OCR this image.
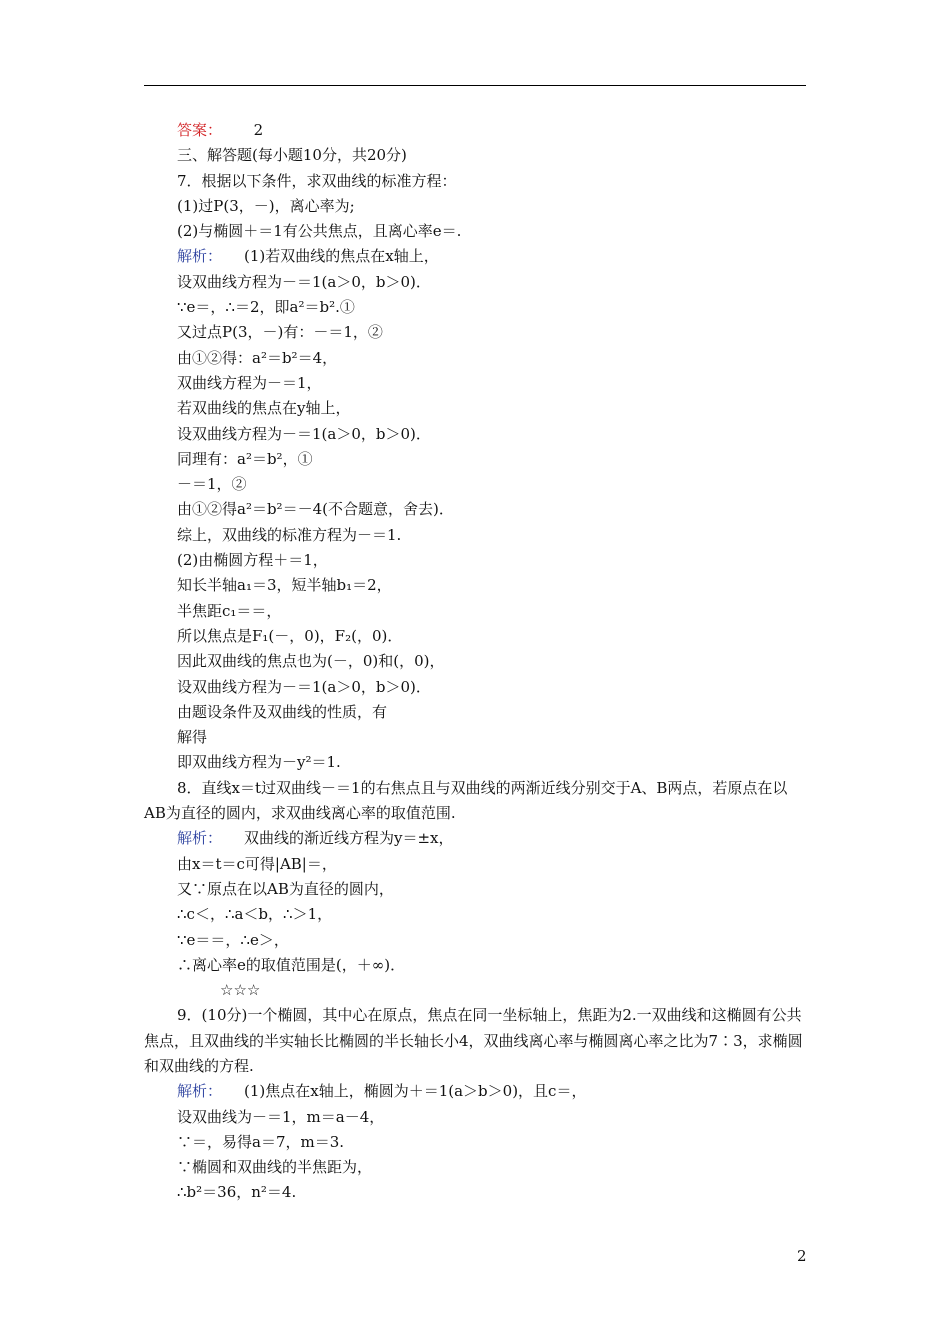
答案： 2
三、解答题(每小题10分，共20分)
7．根据以下条件，求双曲线的标准方程：
(1)过P(3，－)，离心率为;
(2)与椭圆＋＝1有公共焦点，且离心率e＝.
解析： (1)若双曲线的焦点在x轴上，
设双曲线方程为－＝1(a＞0，b＞0)．
∵e＝，∴＝2，即a²＝b².①
又过点P(3，－)有：－＝1，②
由①②得：a²＝b²＝4，
双曲线方程为－＝1，
若双曲线的焦点在y轴上，
设双曲线方程为－＝1(a＞0，b＞0)．
同理有：a²＝b²，①
－＝1，②
由①②得a²＝b²＝－4(不合题意，舍去)．
综上，双曲线的标准方程为－＝1.
(2)由椭圆方程＋＝1，
知长半轴a₁＝3，短半轴b₁＝2，
半焦距c₁＝＝，
所以焦点是F₁(－，0)，F₂(，0)．
因此双曲线的焦点也为(－，0)和(，0)，
设双曲线方程为－＝1(a＞0，b＞0)．
由题设条件及双曲线的性质，有
解得
即双曲线方程为－y²＝1.
8．直线x＝t过双曲线－＝1的右焦点且与双曲线的两渐近线分别交于A、B两点，若原点在以AB为直径的圆内，求双曲线离心率的取值范围.
解析： 双曲线的渐近线方程为y＝±x，
由x＝t＝c可得|AB|＝，
又∵原点在以AB为直径的圆内，
∴c＜，∴a＜b，∴＞1，
∵e＝＝，∴e＞，
∴离心率e的取值范围是(，＋∞)．
☆☆☆
9．(10分)一个椭圆，其中心在原点，焦点在同一坐标轴上，焦距为2.一双曲线和这椭圆有公共焦点，且双曲线的半实轴长比椭圆的半长轴长小4，双曲线离心率与椭圆离心率之比为7∶3，求椭圆和双曲线的方程.
解析： (1)焦点在x轴上，椭圆为＋＝1(a＞b＞0)，且c＝，
设双曲线为－＝1，m＝a－4，
∵＝，易得a＝7，m＝3.
∵椭圆和双曲线的半焦距为，
∴b²＝36，n²＝4.
2
